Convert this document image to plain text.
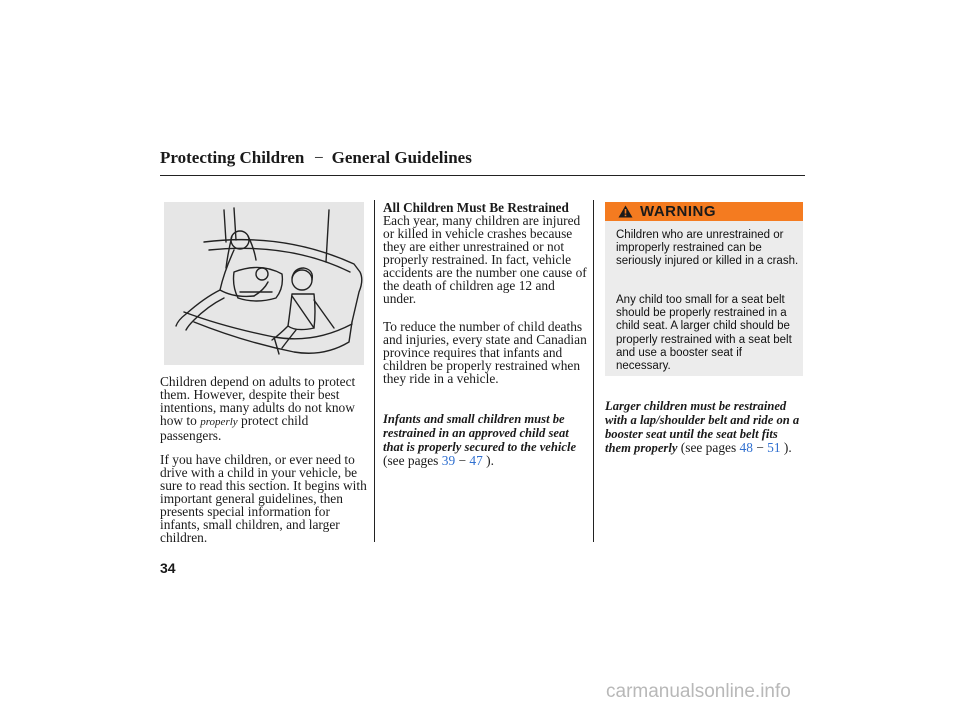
Protecting Children − General Guidelines

Children depend on adults to protect them. However, despite their best intentions, many adults do not know how to properly protect child passengers.

If you have children, or ever need to drive with a child in your vehicle, be sure to read this section. It begins with important general guidelines, then presents special information for infants, small children, and larger children.

All Children Must Be Restrained

Each year, many children are injured or killed in vehicle crashes because they are either unrestrained or not properly restrained. In fact, vehicle accidents are the number one cause of the death of children age 12 and under.

To reduce the number of child deaths and injuries, every state and Canadian province requires that infants and children be properly restrained when they ride in a vehicle.

Infants and small children must be restrained in an approved child seat that is properly secured to the vehicle (see pages 39 − 47 ).

WARNING

Children who are unrestrained or improperly restrained can be seriously injured or killed in a crash.

Any child too small for a seat belt should be properly restrained in a child seat. A larger child should be properly restrained with a seat belt and use a booster seat if necessary.

Larger children must be restrained with a lap/shoulder belt and ride on a booster seat until the seat belt fits them properly (see pages 48 − 51 ).

34
carmanualsonline.info
